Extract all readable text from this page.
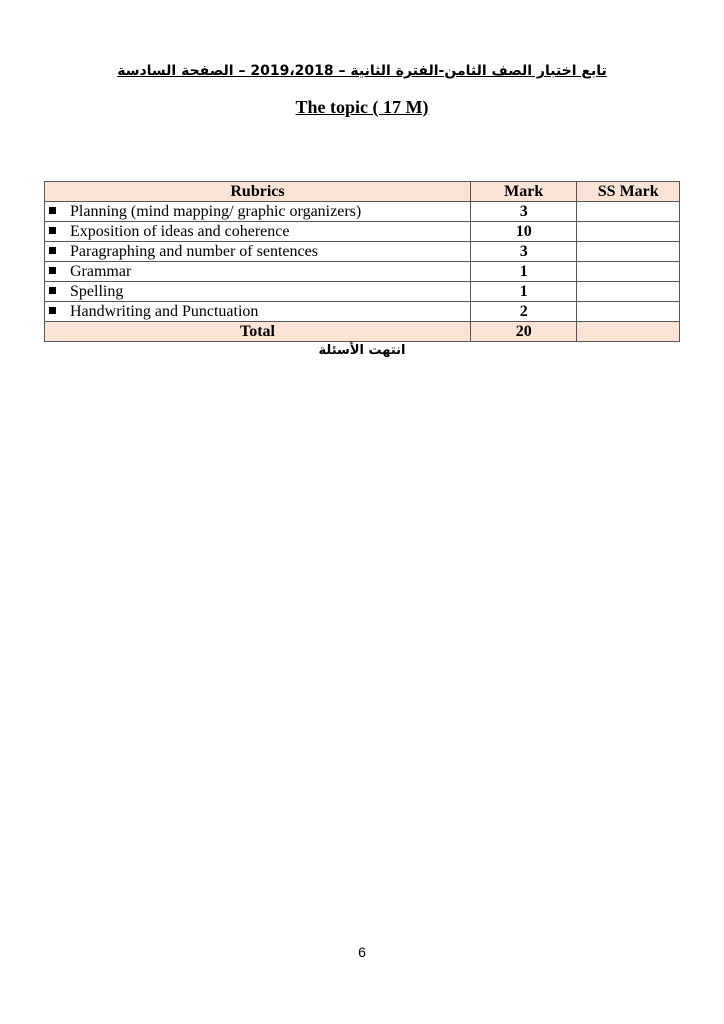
تابع اختبار الصف الثامن-الفترة الثانية – 2019،2018 – الصفحة السادسة
The topic ( 17 M)
Rubrics	Mark	SS Mark
Planning (mind mapping/ graphic organizers)	3	
Exposition of ideas and coherence	10	
Paragraphing and number of sentences	3	
Grammar	1	
Spelling	1	
Handwriting and Punctuation	2	
Total	20	
انتهت الأسئلة
6
